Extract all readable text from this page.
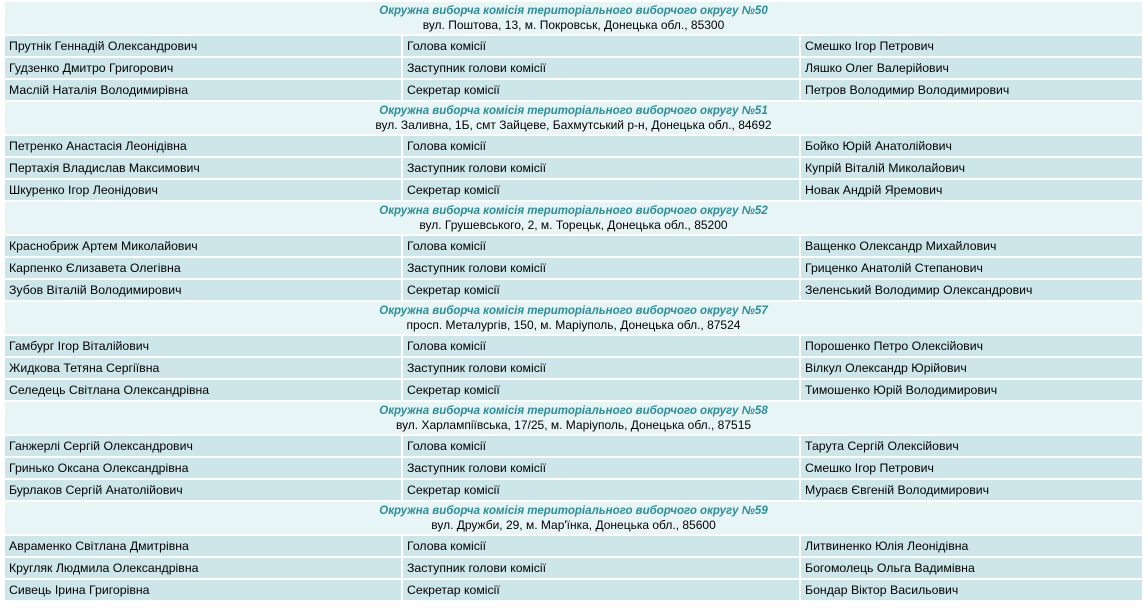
Окружна виборча комісія територіального виборчого округу №50
вул. Поштова, 13, м. Покровськ, Донецька обл., 85300
Прутнік Геннадій Олександрович	Голова комісії	Смешко Ігор Петрович
Гудзенко Дмитро Григорович	Заступник голови комісії	Ляшко Олег Валерійович
Маслій Наталія Володимирівна	Секретар комісії	Петров Володимир Володимирович
Окружна виборча комісія територіального виборчого округу №51
вул. Заливна, 1Б, смт Зайцеве, Бахмутський р-н, Донецька обл., 84692
Петренко Анастасія Леонідівна	Голова комісії	Бойко Юрій Анатолійович
Пертахія Владислав Максимович	Заступник голови комісії	Купрій Віталій Миколайович
Шкуренко Ігор Леонідович	Секретар комісії	Новак Андрій Яремович
Окружна виборча комісія територіального виборчого округу №52
вул. Грушевського, 2, м. Торецьк, Донецька обл., 85200
Краснобриж Артем Миколайович	Голова комісії	Ващенко Олександр Михайлович
Карпенко Єлизавета Олегівна	Заступник голови комісії	Гриценко Анатолій Степанович
Зубов Віталій Володимирович	Секретар комісії	Зеленський Володимир Олександрович
Окружна виборча комісія територіального виборчого округу №57
просп. Металургів, 150, м. Маріуполь, Донецька обл., 87524
Гамбург Ігор Віталійович	Голова комісії	Порошенко Петро Олексійович
Жидкова Тетяна Сергіївна	Заступник голови комісії	Вілкул Олександр Юрійович
Селедець Світлана Олександрівна	Секретар комісії	Тимошенко Юрій Володимирович
Окружна виборча комісія територіального виборчого округу №58
вул. Харлампіївська, 17/25, м. Маріуполь, Донецька обл., 87515
Ганжерлі Сергій Олександрович	Голова комісії	Тарута Сергій Олексійович
Гринько Оксана Олександрівна	Заступник голови комісії	Смешко Ігор Петрович
Бурлаков Сергій Анатолійович	Секретар комісії	Мураєв Євгеній Володимирович
Окружна виборча комісія територіального виборчого округу №59
вул. Дружби, 29, м. Мар'їнка, Донецька обл., 85600
Авраменко Світлана Дмитрівна	Голова комісії	Литвиненко Юлія Леонідівна
Кругляк Людмила Олександрівна	Заступник голови комісії	Богомолець Ольга Вадимівна
Сивець Ірина Григорівна	Секретар комісії	Бондар Віктор Васильович
